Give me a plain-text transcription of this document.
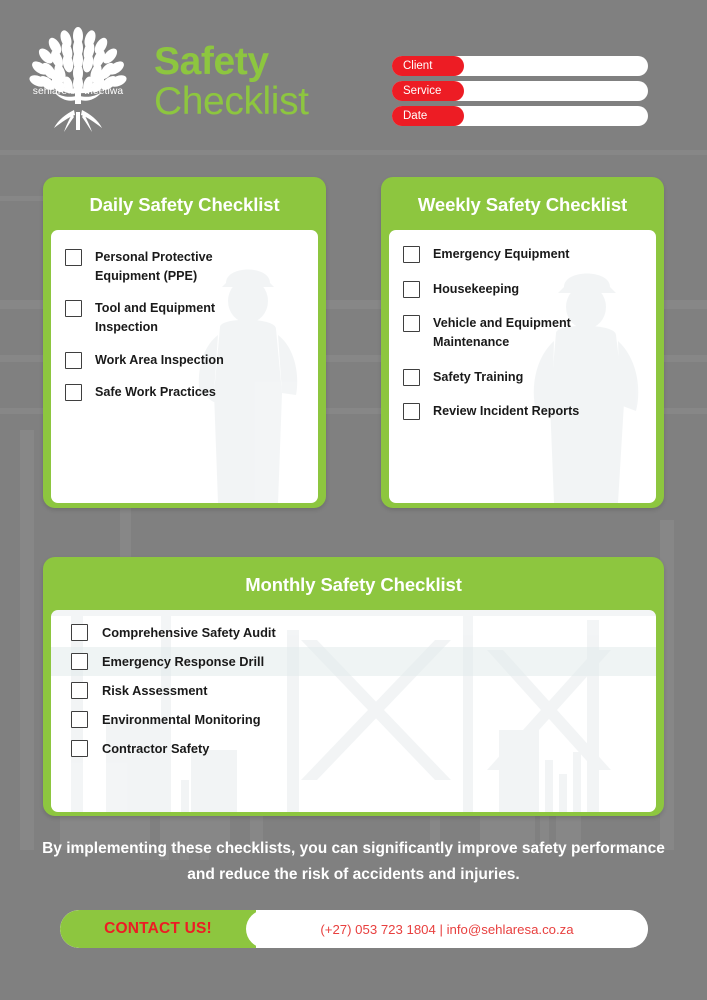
sehlare sa meetlwa
Safety
Checklist
Client
Service
Date
Daily Safety Checklist
Personal Protective Equipment (PPE)
Tool and Equipment Inspection
Work Area Inspection
Safe Work Practices
Weekly Safety Checklist
Emergency Equipment
Housekeeping
Vehicle and Equipment Maintenance
Safety Training
Review Incident Reports
Monthly Safety Checklist
Comprehensive Safety Audit
Emergency Response Drill
Risk Assessment
Environmental Monitoring
Contractor Safety
By implementing these checklists, you can significantly improve safety performance and reduce the risk of accidents and injuries.
CONTACT US!	(+27) 053 723 1804 | info@sehlaresa.co.za
